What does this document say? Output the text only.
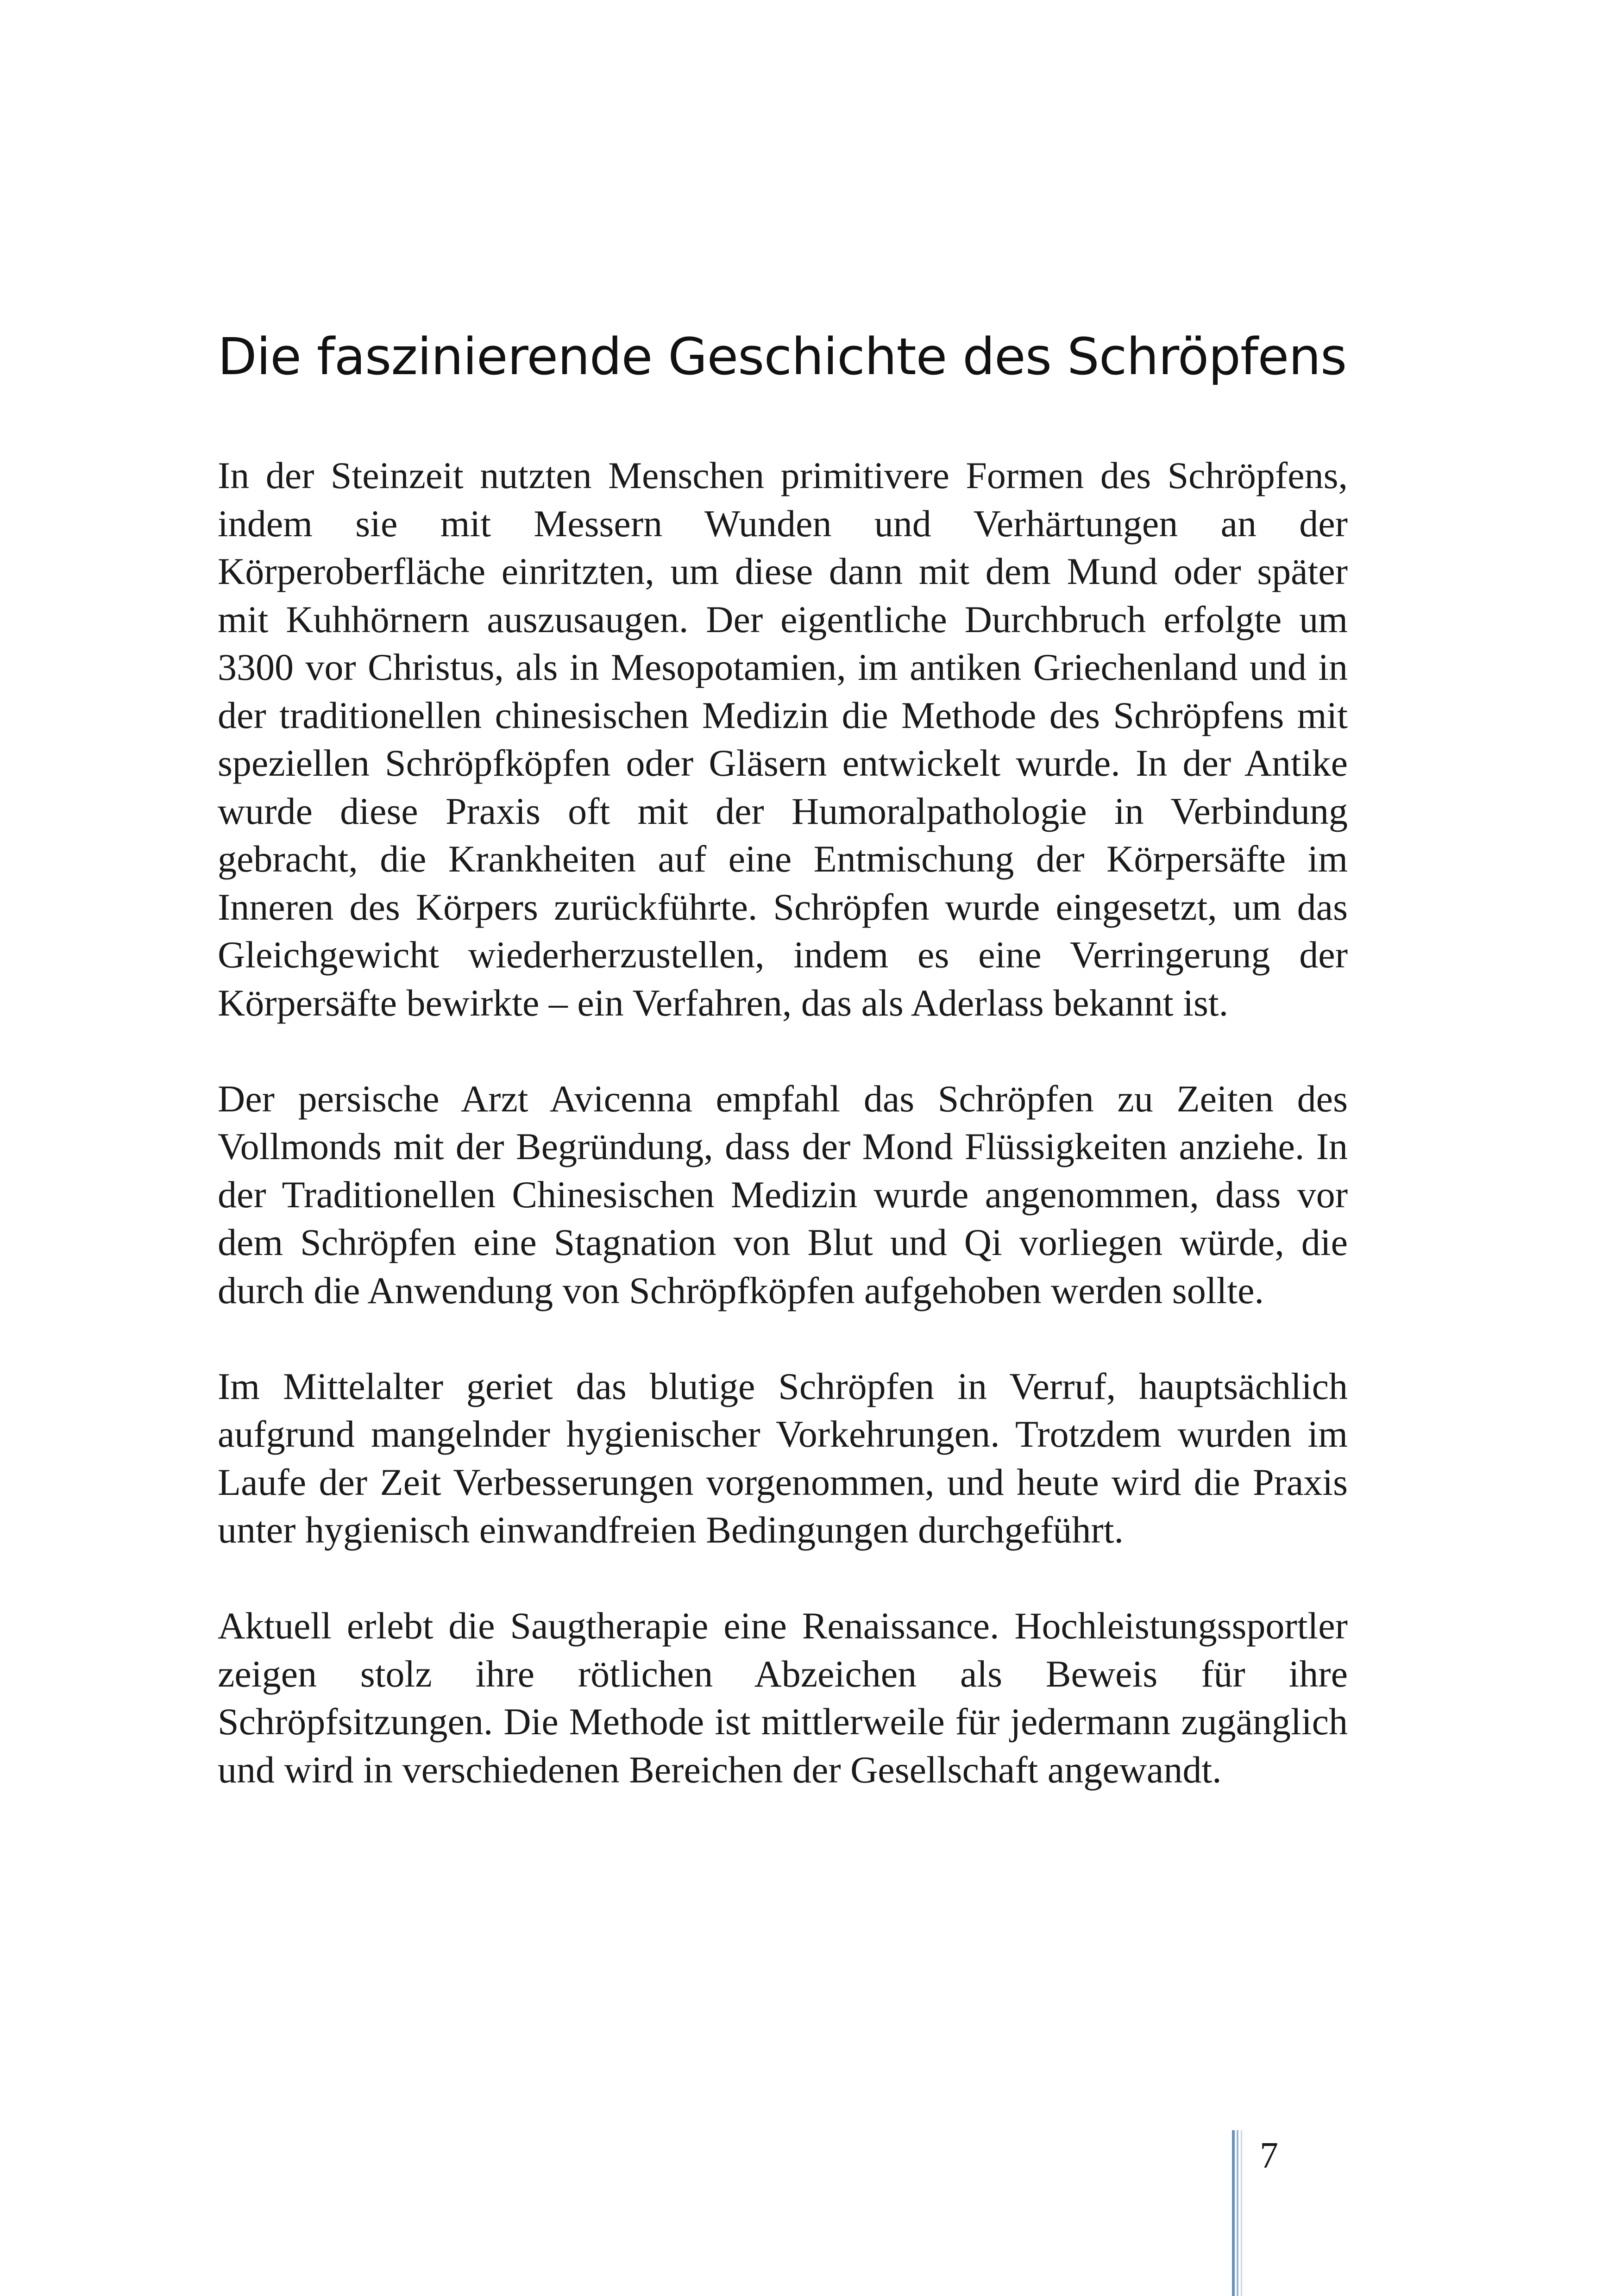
Die faszinierende Geschichte des Schröpfens

In der Steinzeit nutzten Menschen primitivere Formen des Schröpfens, indem sie mit Messern Wunden und Verhärtungen an der Körperoberfläche einritzten, um diese dann mit dem Mund oder später mit Kuhhörnern auszusaugen. Der eigentliche Durchbruch erfolgte um 3300 vor Christus, als in Mesopotamien, im antiken Griechenland und in der traditionellen chinesischen Medizin die Methode des Schröpfens mit speziellen Schröpfköpfen oder Gläsern entwickelt wurde. In der Antike wurde diese Praxis oft mit der Humoralpathologie in Verbindung gebracht, die Krankheiten auf eine Entmischung der Körpersäfte im Inneren des Körpers zurückführte. Schröpfen wurde eingesetzt, um das Gleichgewicht wiederherzustellen, indem es eine Verringerung der Körpersäfte bewirkte – ein Verfahren, das als Aderlass bekannt ist.

Der persische Arzt Avicenna empfahl das Schröpfen zu Zeiten des Vollmonds mit der Begründung, dass der Mond Flüssigkeiten anziehe. In der Traditionellen Chinesischen Medizin wurde angenommen, dass vor dem Schröpfen eine Stagnation von Blut und Qi vorliegen würde, die durch die Anwendung von Schröpfköpfen aufgehoben werden sollte.

Im Mittelalter geriet das blutige Schröpfen in Verruf, hauptsächlich aufgrund mangelnder hygienischer Vorkehrungen. Trotzdem wurden im Laufe der Zeit Verbesserungen vorgenommen, und heute wird die Praxis unter hygienisch einwandfreien Bedingungen durchgeführt.

Aktuell erlebt die Saugtherapie eine Renaissance. Hochleistungssportler zeigen stolz ihre rötlichen Abzeichen als Beweis für ihre Schröpfsitzungen. Die Methode ist mittlerweile für jedermann zugänglich und wird in verschiedenen Bereichen der Gesellschaft angewandt.

7
